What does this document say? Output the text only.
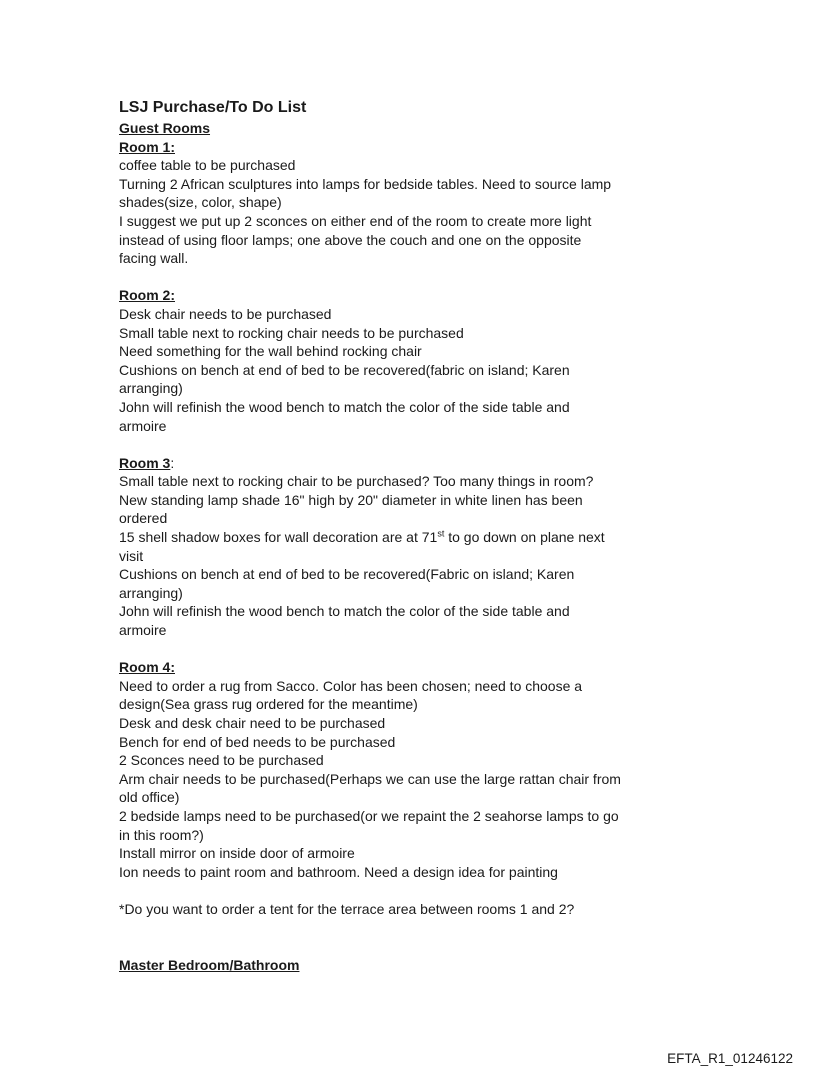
LSJ Purchase/To Do List
Guest Rooms
Room 1:
coffee table to be purchased
Turning 2 African sculptures into lamps for bedside tables. Need to source lamp
shades(size, color, shape)
I suggest we put up 2 sconces on either end of the room to create more light
instead of using floor lamps; one above the couch and one on the opposite
facing wall.
Room 2:
Desk chair needs to be purchased
Small table next to rocking chair needs to be purchased
Need something for the wall behind rocking chair
Cushions on bench at end of bed to be recovered(fabric on island; Karen
arranging)
John will refinish the wood bench to match the color of the side table and
armoire
Room 3:
Small table next to rocking chair to be purchased? Too many things in room?
New standing lamp shade 16" high by 20" diameter in white linen has been
ordered
15 shell shadow boxes for wall decoration are at 71st to go down on plane next
visit
Cushions on bench at end of bed to be recovered(Fabric on island; Karen
arranging)
John will refinish the wood bench to match the color of the side table and
armoire
Room 4:
Need to order a rug from Sacco. Color has been chosen; need to choose a
design(Sea grass rug ordered for the meantime)
Desk and desk chair need to be purchased
Bench for end of bed needs to be purchased
2 Sconces need to be purchased
Arm chair needs to be purchased(Perhaps we can use the large rattan chair from
old office)
2 bedside lamps need to be purchased(or we repaint the 2 seahorse lamps to go
in this room?)
Install mirror on inside door of armoire
Ion needs to paint room and bathroom. Need a design idea for painting
*Do you want to order a tent for the terrace area between rooms 1 and 2?
Master Bedroom/Bathroom
EFTA_R1_01246122
